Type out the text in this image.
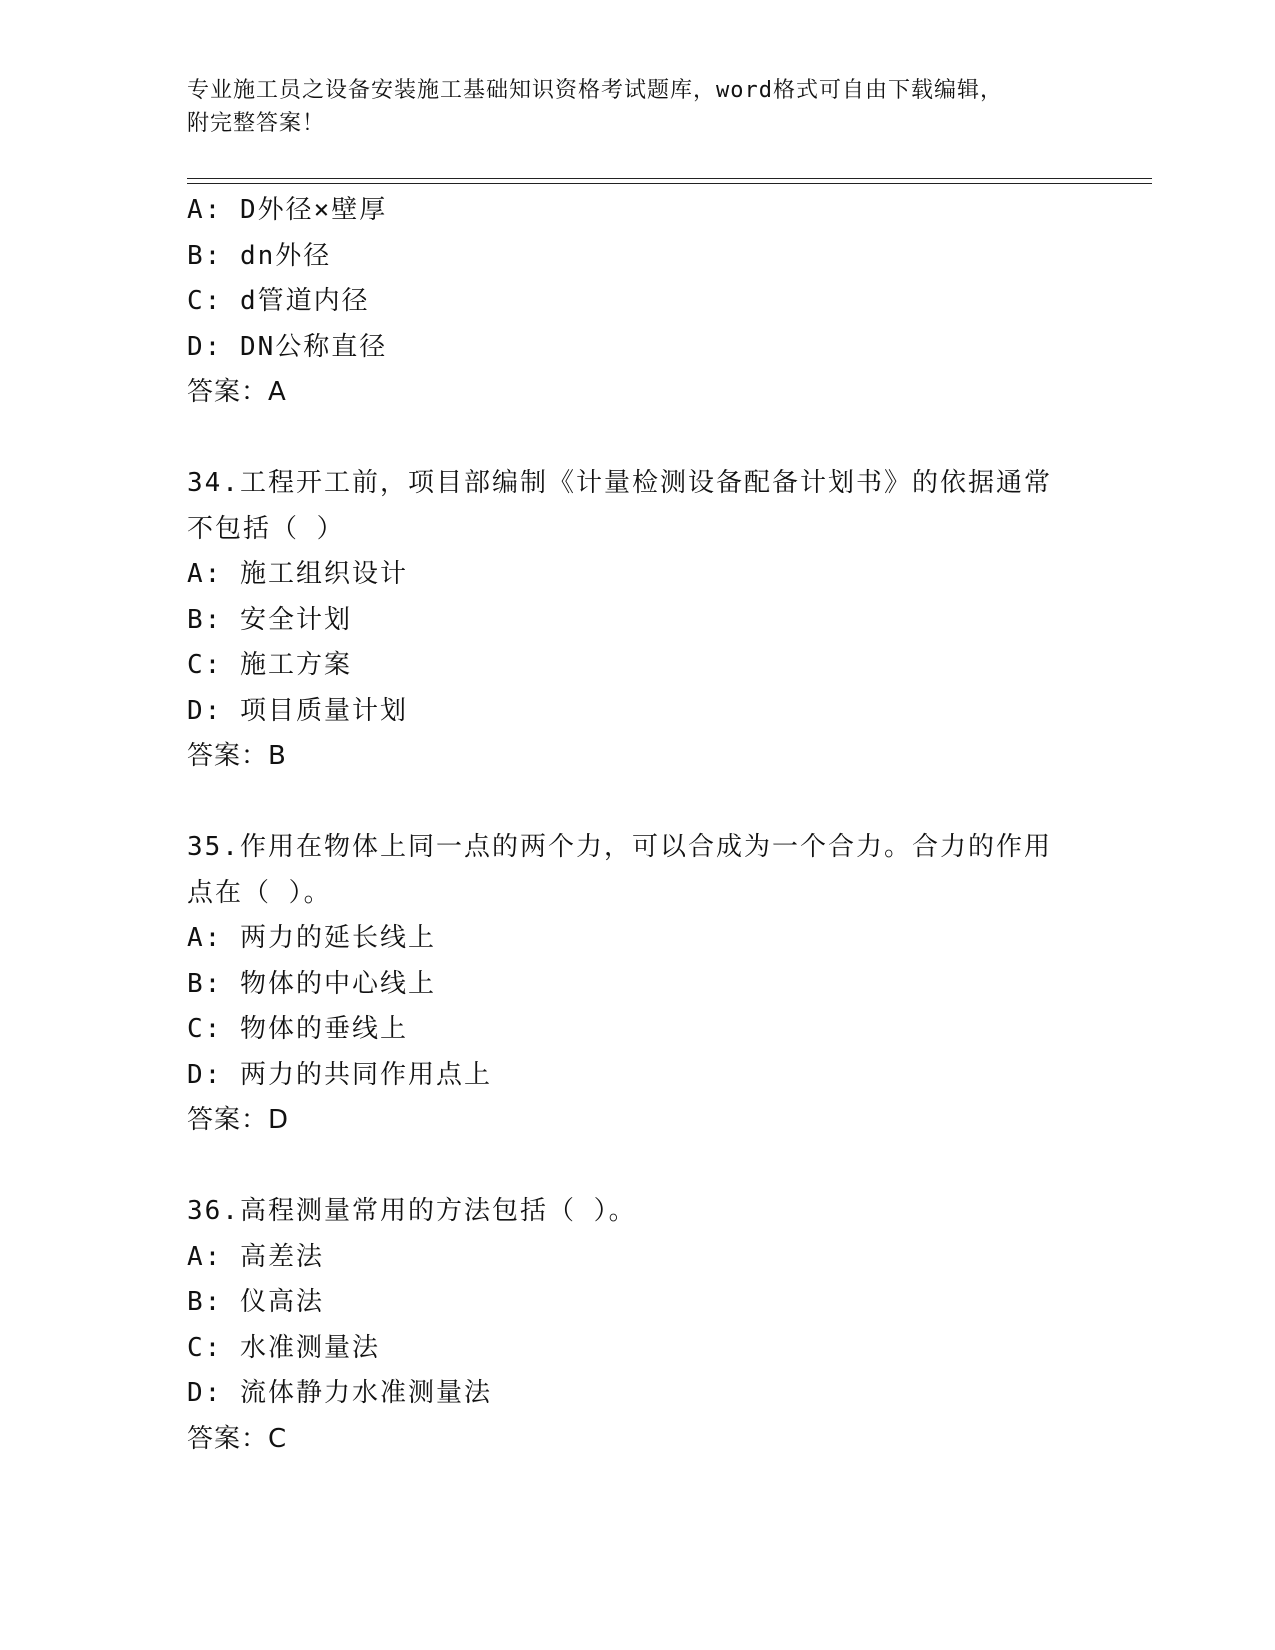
专业施工员之设备安装施工基础知识资格考试题库，word格式可自由下载编辑，
附完整答案！
A: D外径×壁厚
B: dn外径
C: d管道内径
D: DN公称直径
答案：A
34.工程开工前，项目部编制《计量检测设备配备计划书》的依据通常
不包括（ ）
A: 施工组织设计
B: 安全计划
C: 施工方案
D: 项目质量计划
答案：B
35.作用在物体上同一点的两个力，可以合成为一个合力。合力的作用
点在（ ）。
A: 两力的延长线上
B: 物体的中心线上
C: 物体的垂线上
D: 两力的共同作用点上
答案：D
36.高程测量常用的方法包括（ ）。
A: 高差法
B: 仪高法
C: 水准测量法
D: 流体静力水准测量法
答案：C
